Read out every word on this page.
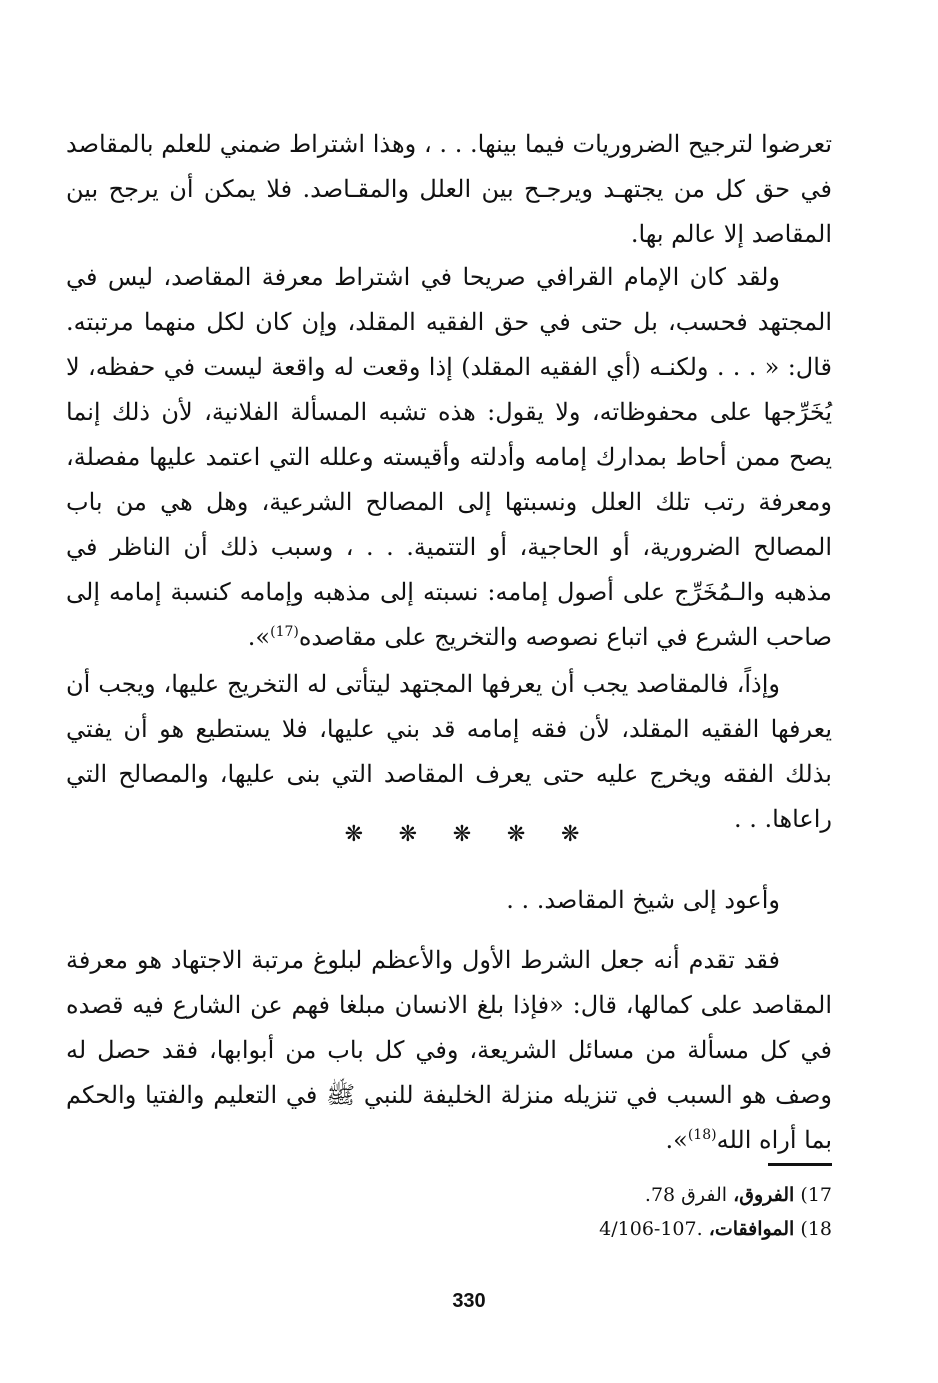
تعرضوا لترجيح الضروريات فيما بينها. . . ، وهذا اشتراط ضمني للعلم بالمقاصد في حق كل من يجتهـد ويرجـح بين العلل والمقـاصد. فلا يمكن أن يرجح بين المقاصد إلا عالم بها.

ولقد كان الإمام القرافي صريحا في اشتراط معرفة المقاصد، ليس في المجتهد فحسب، بل حتى في حق الفقيه المقلد، وإن كان لكل منهما مرتبته. قال: « . . . ولكنـه (أي الفقيه المقلد) إذا وقعت له واقعة ليست في حفظه، لا يُخَرِّجها على محفوظاته، ولا يقول: هذه تشبه المسألة الفلانية، لأن ذلك إنما يصح ممن أحاط بمدارك إمامه وأدلته وأقيسته وعلله التي اعتمد عليها مفصلة، ومعرفة رتب تلك العلل ونسبتها إلى المصالح الشرعية، وهل هي من باب المصالح الضرورية، أو الحاجية، أو التتمية. . . ، وسبب ذلك أن الناظر في مذهبه والـمُخَرِّج على أصول إمامه: نسبته إلى مذهبه وإمامه كنسبة إمامه إلى صاحب الشرع في اتباع نصوصه والتخريج على مقاصده$^{(17)}$».

وإذاً، فالمقاصد يجب أن يعرفها المجتهد ليتأتى له التخريج عليها، ويجب أن يعرفها الفقيه المقلد، لأن فقه إمامه قد بني عليها، فلا يستطيع هو أن يفتي بذلك الفقه ويخرج عليه حتى يعرف المقاصد التي بنى عليها، والمصالح التي راعاها. . .

❋ ❋ ❋ ❋ ❋

وأعود إلى شيخ المقاصد. . .

فقد تقدم أنه جعل الشرط الأول والأعظم لبلوغ مرتبة الاجتهاد هو معرفة المقاصد على كمالها، قال: «فإذا بلغ الانسان مبلغا فهم عن الشارع فيه قصده في كل مسألة من مسائل الشريعة، وفي كل باب من أبوابها، فقد حصل له وصف هو السبب في تنزيله منزلة الخليفة للنبي ﷺ في التعليم والفتيا والحكم بما أراه الله$^{(18)}$».

17) الفروق، الفرق 78.

18) الموافقات، 4/106-107.

330
